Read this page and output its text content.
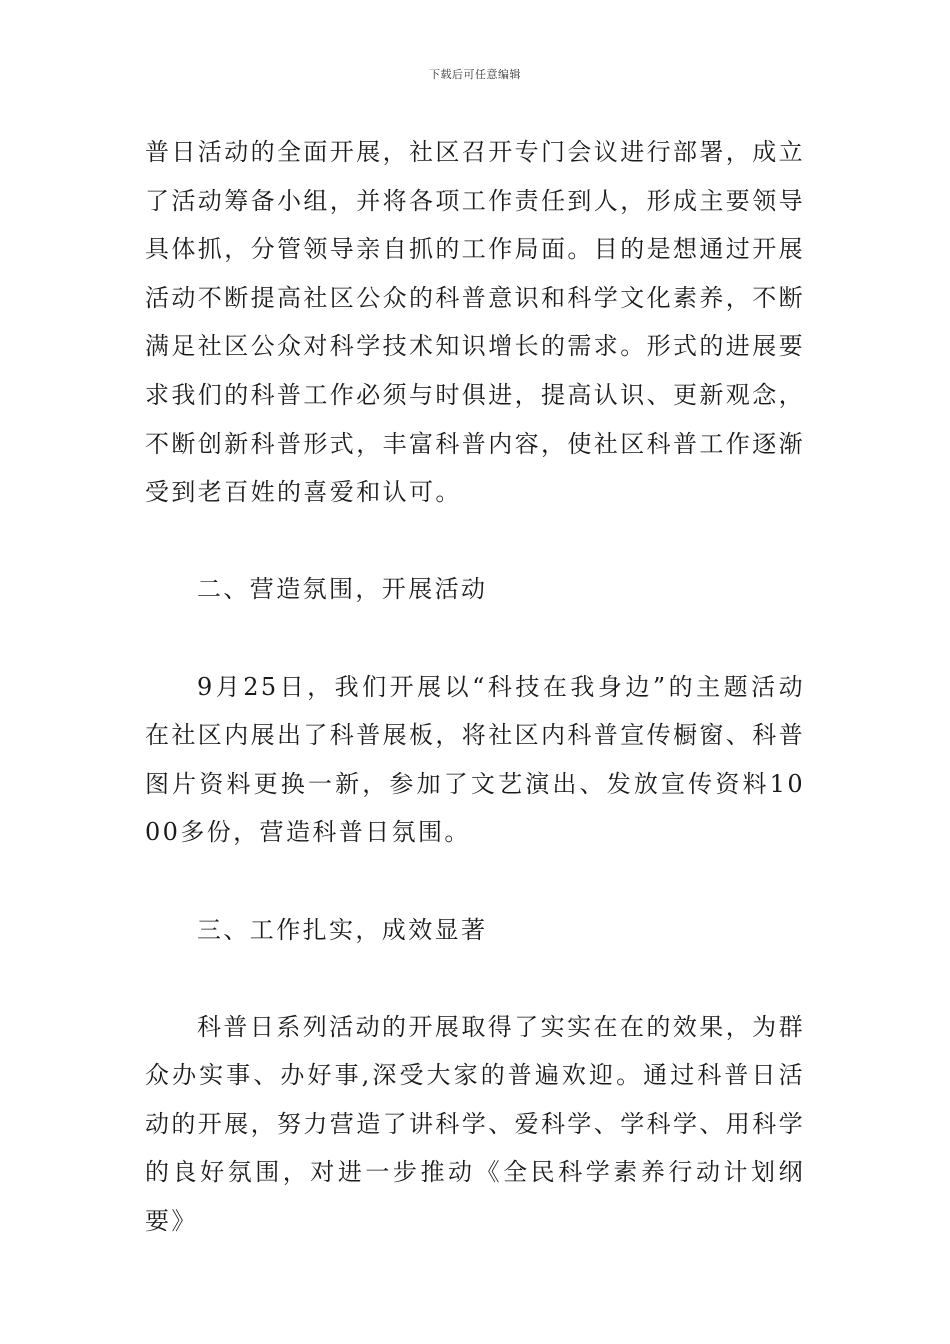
下载后可任意编辑

普日活动的全面开展，社区召开专门会议进行部署，成立了活动筹备小组，并将各项工作责任到人，形成主要领导具体抓，分管领导亲自抓的工作局面。目的是想通过开展活动不断提高社区公众的科普意识和科学文化素养，不断满足社区公众对科学技术知识增长的需求。形式的进展要求我们的科普工作必须与时俱进，提高认识、更新观念，不断创新科普形式，丰富科普内容，使社区科普工作逐渐受到老百姓的喜爱和认可。

二、营造氛围，开展活动

9月25日，我们开展以“科技在我身边”的主题活动在社区内展出了科普展板，将社区内科普宣传橱窗、科普图片资料更换一新，参加了文艺演出、发放宣传资料1000多份，营造科普日氛围。

三、工作扎实，成效显著

科普日系列活动的开展取得了实实在在的效果，为群众办实事、办好事,深受大家的普遍欢迎。通过科普日活动的开展，努力营造了讲科学、爱科学、学科学、用科学的良好氛围，对进一步推动《全民科学素养行动计划纲要》
